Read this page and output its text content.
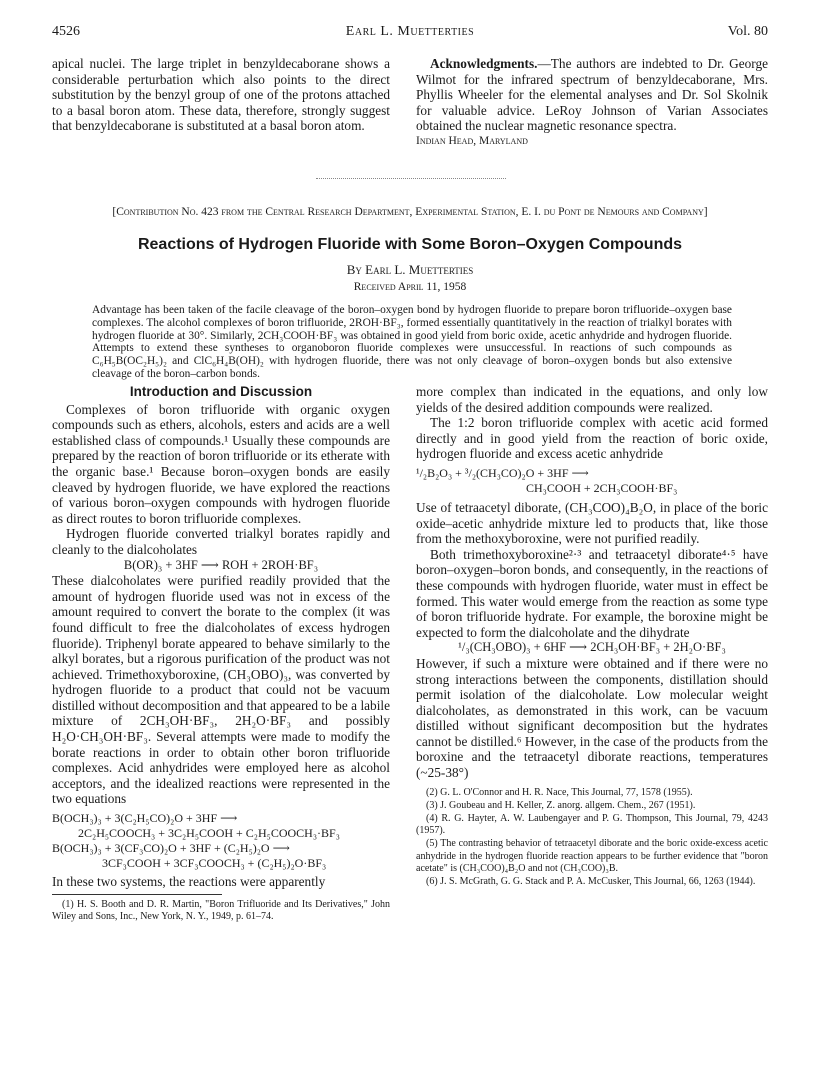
4526	Earl L. Muetterties	Vol. 80

apical nuclei. The large triplet in benzyldecaborane shows a considerable perturbation which also points to the direct substitution by the benzyl group of one of the protons attached to a basal boron atom. These data, therefore, strongly suggest that benzyldecaborane is substituted at a basal boron atom.

Acknowledgments.—The authors are indebted to Dr. George Wilmot for the infrared spectrum of benzyldecaborane, Mrs. Phyllis Wheeler for the elemental analyses and Dr. Sol Skolnik for valuable advice. LeRoy Johnson of Varian Associates obtained the nuclear magnetic resonance spectra.

Indian Head, Maryland

[Contribution No. 423 from the Central Research Department, Experimental Station, E. I. du Pont de Nemours and Company]
Reactions of Hydrogen Fluoride with Some Boron–Oxygen Compounds
By Earl L. Muetterties
Received April 11, 1958
Advantage has been taken of the facile cleavage of the boron–oxygen bond by hydrogen fluoride to prepare boron trifluoride–oxygen base complexes. The alcohol complexes of boron trifluoride, 2ROH·BF₃, formed essentially quantitatively in the reaction of trialkyl borates with hydrogen fluoride at 30°. Similarly, 2CH₃COOH·BF₃ was obtained in good yield from boric oxide, acetic anhydride and hydrogen fluoride. Attempts to extend these syntheses to organoboron fluoride complexes were unsuccessful. In reactions of such compounds as C₆H₅B(OC₂H₅)₂ and ClC₆H₄B(OH)₂ with hydrogen fluoride, there was not only cleavage of boron–oxygen bonds but also extensive cleavage of the boron–carbon bonds.
Introduction and Discussion

Complexes of boron trifluoride with organic oxygen compounds such as ethers, alcohols, esters and acids are a well established class of compounds.¹ Usually these compounds are prepared by the reaction of boron trifluoride or its etherate with the organic base.¹ Because boron–oxygen bonds are easily cleaved by hydrogen fluoride, we have explored the reactions of various boron–oxygen compounds with hydrogen fluoride as direct routes to boron trifluoride complexes.

Hydrogen fluoride converted trialkyl borates rapidly and cleanly to the dialcoholates

B(OR)₃ + 3HF ⟶ ROH + 2ROH·BF₃

These dialcoholates were purified readily provided that the amount of hydrogen fluoride used was not in excess of the amount required to convert the borate to the complex (it was found difficult to free the dialcoholates of excess hydrogen fluoride). Triphenyl borate appeared to behave similarly to the alkyl borates, but a rigorous purification of the product was not achieved. Trimethoxyboroxine, (CH₃OBO)₃, was converted by hydrogen fluoride to a product that could not be vacuum distilled without decomposition and that appeared to be a labile mixture of 2CH₃OH·BF₃, 2H₂O·BF₃ and possibly H₂O·CH₃OH·BF₃. Several attempts were made to modify the borate reactions in order to obtain other boron trifluoride complexes. Acid anhydrides were employed here as alcohol acceptors, and the idealized reactions were represented in the two equations

B(OCH₃)₃ + 3(C₂H₅CO)₂O + 3HF ⟶

2C₂H₅COOCH₃ + 3C₂H₅COOH + C₂H₅COOCH₃·BF₃

B(OCH₃)₃ + 3(CF₃CO)₂O + 3HF + (C₂H₅)₂O ⟶

3CF₃COOH + 3CF₃COOCH₃ + (C₂H₅)₂O·BF₃

In these two systems, the reactions were apparently

(1) H. S. Booth and D. R. Martin, "Boron Trifluoride and Its Derivatives," John Wiley and Sons, Inc., New York, N. Y., 1949, p. 61–74.

more complex than indicated in the equations, and only low yields of the desired addition compounds were realized.

The 1:2 boron trifluoride complex with acetic acid formed directly and in good yield from the reaction of boric oxide, hydrogen fluoride and excess acetic anhydride

¹/₂B₂O₃ + ³/₂(CH₃CO)₂O + 3HF ⟶

CH₃COOH + 2CH₃COOH·BF₃

Use of tetraacetyl diborate, (CH₃COO)₄B₂O, in place of the boric oxide–acetic anhydride mixture led to products that, like those from the methoxyboroxine, were not purified readily.

Both trimethoxyboroxine²·³ and tetraacetyl diborate⁴·⁵ have boron–oxygen–boron bonds, and consequently, in the reactions of these compounds with hydrogen fluoride, water must in effect be formed. This water would emerge from the reaction as some type of boron trifluoride hydrate. For example, the boroxine might be expected to form the dialcoholate and the dihydrate

¹/₃(CH₃OBO)₃ + 6HF ⟶ 2CH₃OH·BF₃ + 2H₂O·BF₃

However, if such a mixture were obtained and if there were no strong interactions between the components, distillation should permit isolation of the dialcoholate. Low molecular weight dialcoholates, as demonstrated in this work, can be vacuum distilled without significant decomposition but the hydrates cannot be distilled.⁶ However, in the case of the products from the boroxine and the tetraacetyl diborate reactions, temperatures (~25-38°)

(2) G. L. O'Connor and H. R. Nace, This Journal, 77, 1578 (1955).

(3) J. Goubeau and H. Keller, Z. anorg. allgem. Chem., 267 (1951).

(4) R. G. Hayter, A. W. Laubengayer and P. G. Thompson, This Journal, 79, 4243 (1957).

(5) The contrasting behavior of tetraacetyl diborate and the boric oxide-excess acetic anhydride in the hydrogen fluoride reaction appears to be further evidence that "boron acetate" is (CH₃COO)₄B₂O and not (CH₃COO)₃B.

(6) J. S. McGrath, G. G. Stack and P. A. McCusker, This Journal, 66, 1263 (1944).
